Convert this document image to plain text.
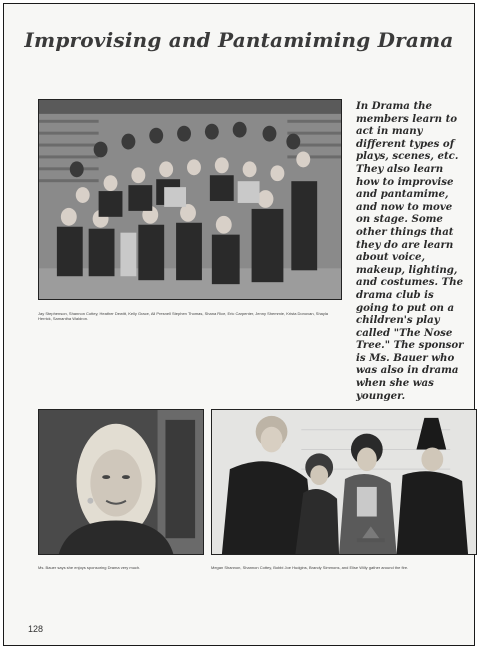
Improvising and Pantamiming Drama
Jay Stephenson, Shannon Cottey, Heather Dewitt, Kelly Grace, All Presnell Stephen Thomas, Shana Rice, Eric Carpenter, Jenny Shemmie, Krista Donovan, Shayla Herrick, Samantha Waldron.
In Drama the members learn to act in many different types of plays, scenes, etc. They also learn how to improvise and pantamime, and now to move on stage. Some other things that they do are learn about voice, makeup, lighting, and costumes. The drama club is going to put on a children's play called "The Nose Tree." The sponsor is Ms. Bauer who was also in drama when she was younger.
Ms. Bauer says she enjoys sponsoring Drama very much.	Megan Shannon, Shannon Cottey, Bobbi Joe Hudgins, Brandy Simmons, and Elise Willy gather around the fire.
128
